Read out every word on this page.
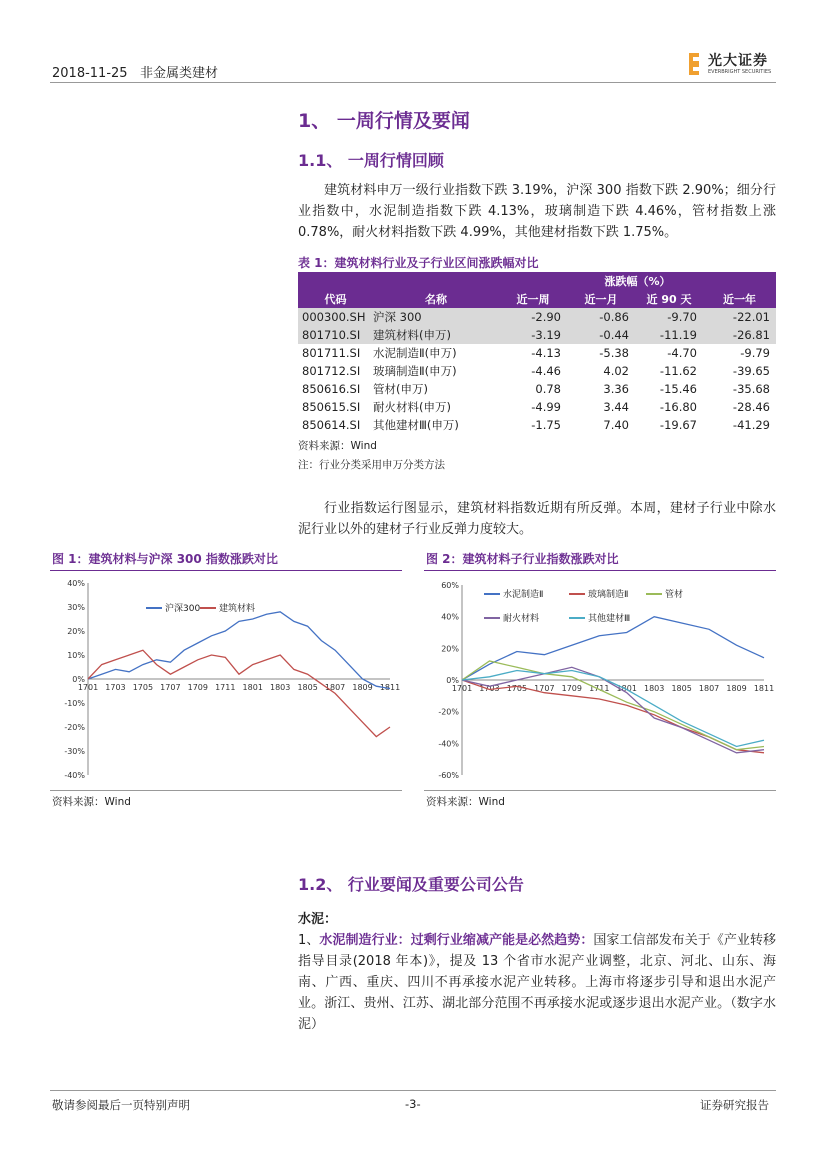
2018-11-25 非金属类建材
光大证券
EVERBRIGHT SECURITIES
1、 一周行情及要闻
1.1、 一周行情回顾
建筑材料申万一级行业指数下跌 3.19%，沪深 300 指数下跌 2.90%；细分行业指数中，水泥制造指数下跌 4.13%，玻璃制造下跌 4.46%，管材指数上涨 0.78%，耐火材料指数下跌 4.99%，其他建材指数下跌 1.75%。
表 1：建筑材料行业及子行业区间涨跌幅对比
		涨跌幅（%）			
代码	名称	近一周	近一月	近 90 天	近一年
000300.SH	沪深 300	-2.90	-0.86	-9.70	-22.01
801710.SI	建筑材料(申万)	-3.19	-0.44	-11.19	-26.81
801711.SI	水泥制造Ⅱ(申万)	-4.13	-5.38	-4.70	-9.79
801712.SI	玻璃制造Ⅱ(申万)	-4.46	4.02	-11.62	-39.65
850616.SI	管材(申万)	0.78	3.36	-15.46	-35.68
850615.SI	耐火材料(申万)	-4.99	3.44	-16.80	-28.46
850614.SI	其他建材Ⅲ(申万)	-1.75	7.40	-19.67	-41.29
资料来源：Wind
注：行业分类采用申万分类方法
行业指数运行图显示，建筑材料指数近期有所反弹。本周，建材子行业中除水泥行业以外的建材子行业反弹力度较大。
图 1：建筑材料与沪深 300 指数涨跌对比
40%
30%
20%
10%
0%
-10%
-20%
-30%
-40%
1701 1703 1705 1707 1709 1711 1801 1803 1805 1807 1809 1811
沪深300 建筑材料
资料来源：Wind
图 2：建筑材料子行业指数涨跌对比
60%
40%
20%
0%
-20%
-40%
-60%
1701 1703 1705 1707 1709 1711 1801 1803 1805 1807 1809 1811
水泥制造Ⅱ	玻璃制造Ⅱ	管材
耐火材料	其他建材Ⅲ
资料来源：Wind
1.2、 行业要闻及重要公司公告
水泥：
1、水泥制造行业：过剩行业缩减产能是必然趋势：国家工信部发布关于《产业转移指导目录(2018 年本)》，提及 13 个省市水泥产业调整，北京、河北、山东、海南、广西、重庆、四川不再承接水泥产业转移。上海市将逐步引导和退出水泥产业。浙江、贵州、江苏、湖北部分范围不再承接水泥或逐步退出水泥产业。（数字水泥）
敬请参阅最后一页特别声明	-3-	证券研究报告
